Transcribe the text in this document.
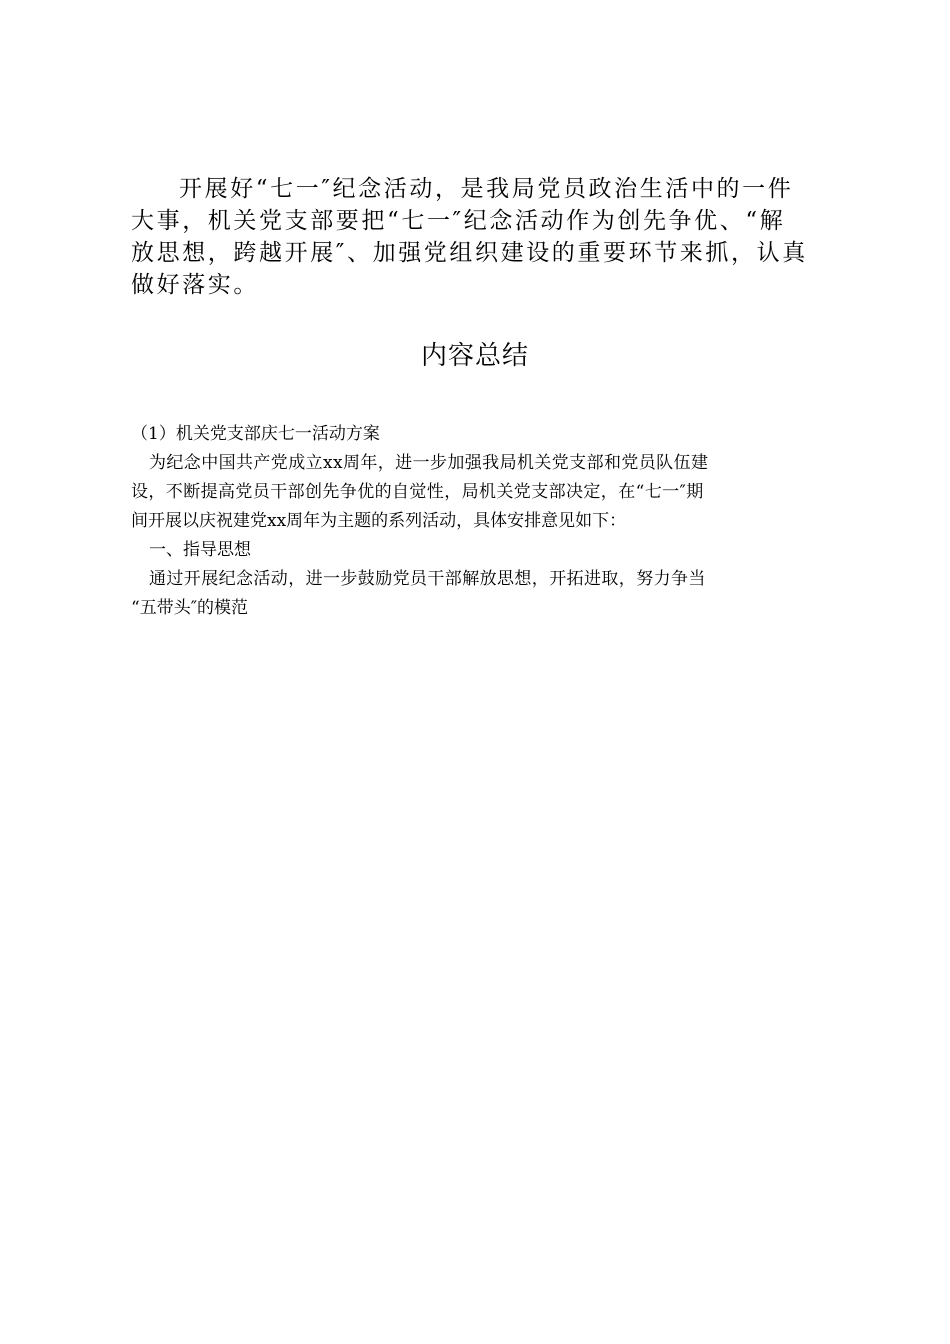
开展好“七一″纪念活动，是我局党员政治生活中的一件
大事，机关党支部要把“七一″纪念活动作为创先争优、“解
放思想，跨越开展″、加强党组织建设的重要环节来抓，认真
做好落实。
内容总结
（1）机关党支部庆七一活动方案
为纪念中国共产党成立xx周年，进一步加强我局机关党支部和党员队伍建
设，不断提高党员干部创先争优的自觉性，局机关党支部决定，在“七一″期
间开展以庆祝建党xx周年为主题的系列活动，具体安排意见如下：
一、指导思想
通过开展纪念活动，进一步鼓励党员干部解放思想，开拓进取，努力争当
“五带头″的模范
